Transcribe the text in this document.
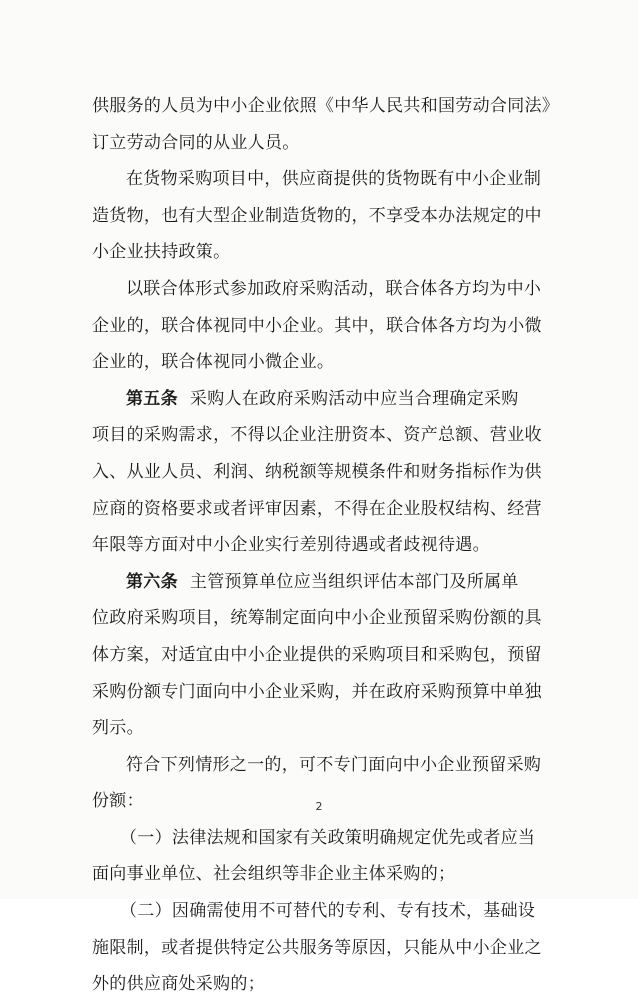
供服务的人员为中小企业依照《中华人民共和国劳动合同法》
订立劳动合同的从业人员。
在货物采购项目中，供应商提供的货物既有中小企业制
造货物，也有大型企业制造货物的，不享受本办法规定的中
小企业扶持政策。
以联合体形式参加政府采购活动，联合体各方均为中小
企业的，联合体视同中小企业。其中，联合体各方均为小微
企业的，联合体视同小微企业。
第五条 采购人在政府采购活动中应当合理确定采购
项目的采购需求，不得以企业注册资本、资产总额、营业收
入、从业人员、利润、纳税额等规模条件和财务指标作为供
应商的资格要求或者评审因素，不得在企业股权结构、经营
年限等方面对中小企业实行差别待遇或者歧视待遇。
第六条 主管预算单位应当组织评估本部门及所属单
位政府采购项目，统筹制定面向中小企业预留采购份额的具
体方案，对适宜由中小企业提供的采购项目和采购包，预留
采购份额专门面向中小企业采购，并在政府采购预算中单独
列示。
符合下列情形之一的，可不专门面向中小企业预留采购
份额：
（一）法律法规和国家有关政策明确规定优先或者应当
面向事业单位、社会组织等非企业主体采购的；
（二）因确需使用不可替代的专利、专有技术，基础设
施限制，或者提供特定公共服务等原因，只能从中小企业之
外的供应商处采购的；
2
